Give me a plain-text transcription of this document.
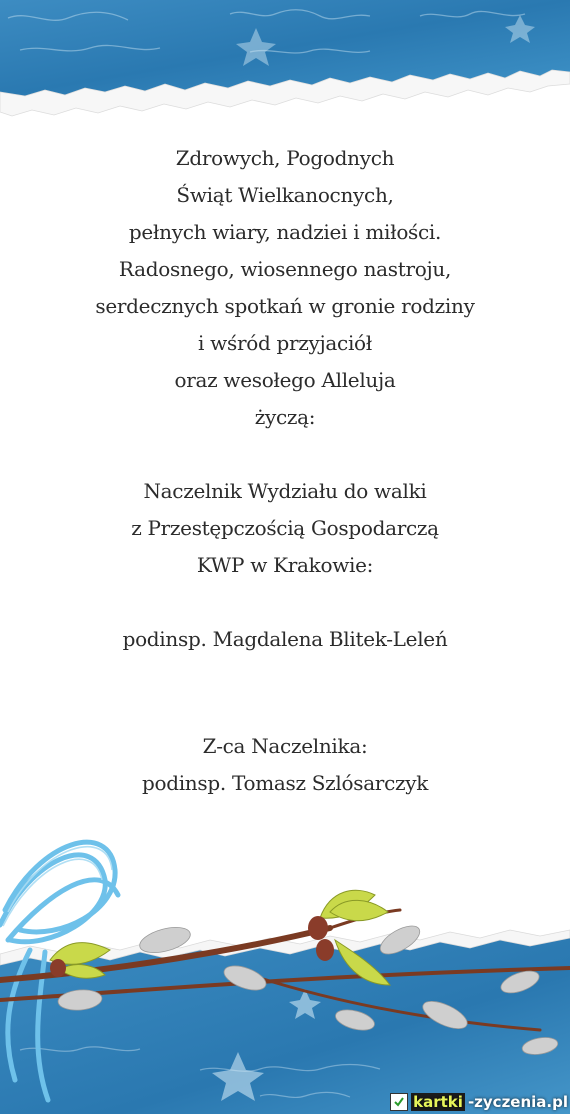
Zdrowych, Pogodnych

Świąt Wielkanocnych,

pełnych wiary, nadziei i miłości.

Radosnego, wiosennego nastroju,

serdecznych spotkań w gronie rodziny

i wśród przyjaciół

oraz wesołego Alleluja

życzą:

Naczelnik Wydziału do walki

z Przestępczością Gospodarczą

KWP w Krakowie:

podinsp. Magdalena Blitek-Leleń

Z-ca Naczelnika:

podinsp. Tomasz Szlósarczyk

kartki -zyczenia.pl
